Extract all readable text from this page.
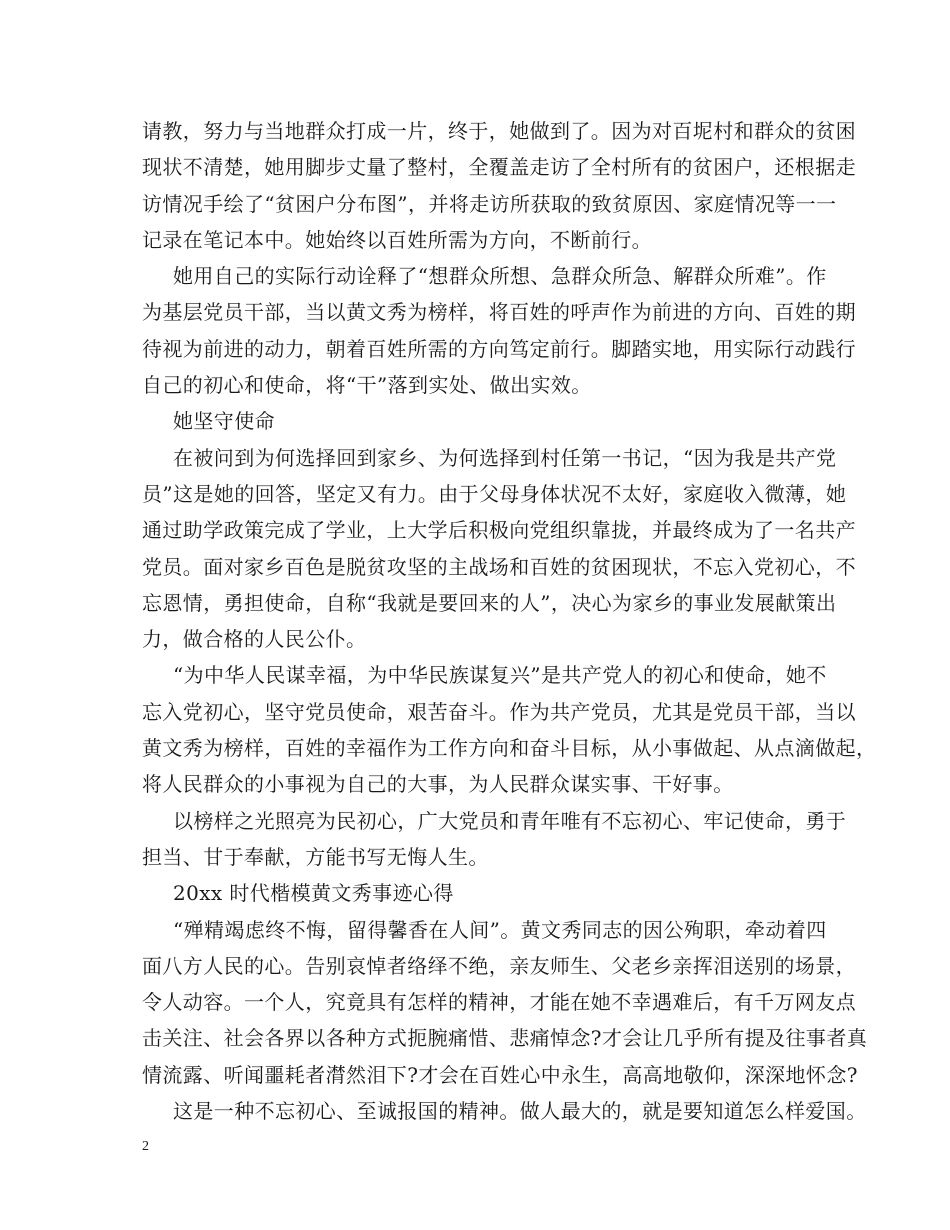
请教，努力与当地群众打成一片，终于，她做到了。因为对百坭村和群众的贫困
现状不清楚，她用脚步丈量了整村，全覆盖走访了全村所有的贫困户，还根据走
访情况手绘了“贫困户分布图”，并将走访所获取的致贫原因、家庭情况等一一
记录在笔记本中。她始终以百姓所需为方向，不断前行。
她用自己的实际行动诠释了“想群众所想、急群众所急、解群众所难”。作
为基层党员干部，当以黄文秀为榜样，将百姓的呼声作为前进的方向、百姓的期
待视为前进的动力，朝着百姓所需的方向笃定前行。脚踏实地，用实际行动践行
自己的初心和使命，将“干”落到实处、做出实效。
她坚守使命
在被问到为何选择回到家乡、为何选择到村任第一书记，“因为我是共产党
员”这是她的回答，坚定又有力。由于父母身体状况不太好，家庭收入微薄，她
通过助学政策完成了学业，上大学后积极向党组织靠拢，并最终成为了一名共产
党员。面对家乡百色是脱贫攻坚的主战场和百姓的贫困现状，不忘入党初心，不
忘恩情，勇担使命，自称“我就是要回来的人”，决心为家乡的事业发展献策出
力，做合格的人民公仆。
“为中华人民谋幸福，为中华民族谋复兴”是共产党人的初心和使命，她不
忘入党初心，坚守党员使命，艰苦奋斗。作为共产党员，尤其是党员干部，当以
黄文秀为榜样，百姓的幸福作为工作方向和奋斗目标，从小事做起、从点滴做起，
将人民群众的小事视为自己的大事，为人民群众谋实事、干好事。
以榜样之光照亮为民初心，广大党员和青年唯有不忘初心、牢记使命，勇于
担当、甘于奉献，方能书写无悔人生。
20xx 时代楷模黄文秀事迹心得
“殚精竭虑终不悔，留得馨香在人间”。黄文秀同志的因公殉职，牵动着四
面八方人民的心。告别哀悼者络绎不绝，亲友师生、父老乡亲挥泪送别的场景，
令人动容。一个人，究竟具有怎样的精神，才能在她不幸遇难后，有千万网友点
击关注、社会各界以各种方式扼腕痛惜、悲痛悼念?才会让几乎所有提及往事者真
情流露、听闻噩耗者潸然泪下?才会在百姓心中永生，高高地敬仰，深深地怀念?
这是一种不忘初心、至诚报国的精神。做人最大的，就是要知道怎么样爱国。
2
